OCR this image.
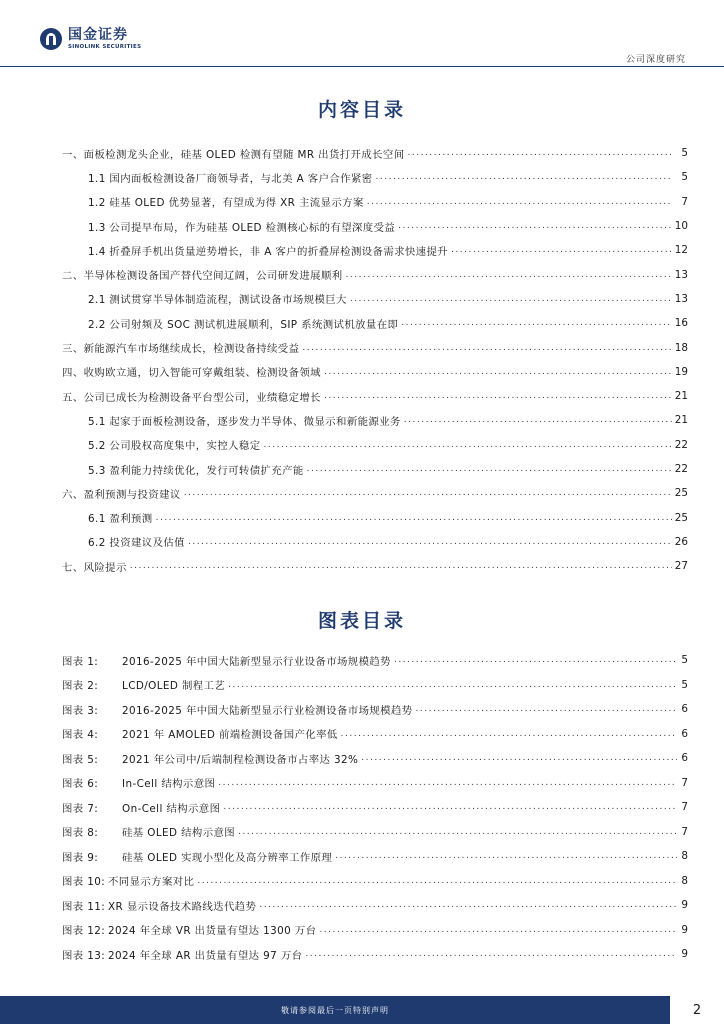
国金证券
SINOLINK SECURITIES
公司深度研究
内容目录
一、面板检测龙头企业，硅基 OLED 检测有望随 MR 出货打开成长空间 .....	5
1.1 国内面板检测设备厂商领导者，与北美 A 客户合作紧密 .....	5
1.2 硅基 OLED 优势显著，有望成为得 XR 主流显示方案 .....	7
1.3 公司提早布局，作为硅基 OLED 检测核心标的有望深度受益 .....	10
1.4 折叠屏手机出货量逆势增长，非 A 客户的折叠屏检测设备需求快速提升 .....	12
二、半导体检测设备国产替代空间辽阔，公司研发进展顺利 .....	13
2.1 测试贯穿半导体制造流程，测试设备市场规模巨大 .....	13
2.2 公司射频及 SOC 测试机进展顺利，SIP 系统测试机放量在即 .....	16
三、新能源汽车市场继续成长，检测设备持续受益 .....	18
四、收购欧立通，切入智能可穿戴组装、检测设备领域 .....	19
五、公司已成长为检测设备平台型公司，业绩稳定增长 .....	21
5.1 起家于面板检测设备，逐步发力半导体、微显示和新能源业务 .....	21
5.2 公司股权高度集中，实控人稳定 .....	22
5.3 盈利能力持续优化，发行可转债扩充产能 .....	22
六、盈利预测与投资建议 .....	25
6.1 盈利预测 .....	25
6.2 投资建议及估值 .....	26
七、风险提示 .....	27
图表目录
图表 1:	2016-2025 年中国大陆新型显示行业设备市场规模趋势 .....	5
图表 2:	LCD/OLED 制程工艺 .....	5
图表 3:	2016-2025 年中国大陆新型显示行业检测设备市场规模趋势 .....	6
图表 4:	2021 年 AMOLED 前端检测设备国产化率低 .....	6
图表 5:	2021 年公司中/后端制程检测设备市占率达 32% .....	6
图表 6:	In-Cell 结构示意图 .....	7
图表 7:	On-Cell 结构示意图 .....	7
图表 8:	硅基 OLED 结构示意图 .....	7
图表 9:	硅基 OLED 实现小型化及高分辨率工作原理 .....	8
图表 10: 不同显示方案对比 .....	8
图表 11: XR 显示设备技术路线迭代趋势 .....	9
图表 12: 2024 年全球 VR 出货量有望达 1300 万台 .....	9
图表 13: 2024 年全球 AR 出货量有望达 97 万台 .....	9
敬请参阅最后一页特别声明	2
